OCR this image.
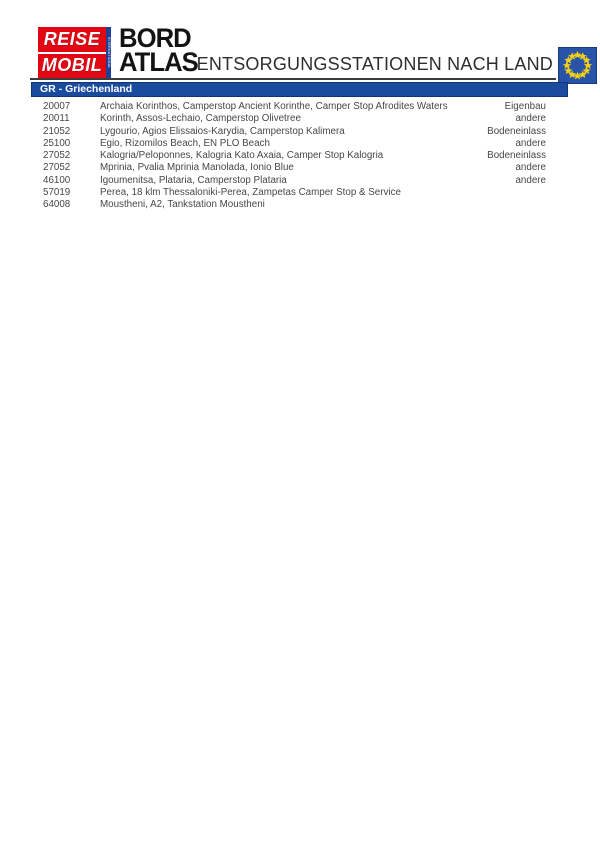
REISE
MOBIL	INTERNATIONAL BORD
ATLAS
ENTSORGUNGSSTATIONEN NACH LAND
GR - Griechenland
20007	Archaia Korinthos, Camperstop Ancient Korinthe, Camper Stop Afrodites Waters	Eigenbau
20011	Korinth, Assos-Lechaio, Camperstop Olivetree	andere
21052	Lygourio, Agios Elissaios-Karydia, Camperstop Kalimera	Bodeneinlass
25100	Egio, Rizomilos Beach, EN PLO Beach	andere
27052	Kalogria/Peloponnes, Kalogria Kato Axaia, Camper Stop Kalogria	Bodeneinlass
27052	Mprinia, Pvalia Mprinia Manolada, Ionio Blue	andere
46100	Igoumenitsa, Plataria, Camperstop Plataria	andere
57019	Perea, 18 klm Thessaloniki-Perea, Zampetas Camper Stop & Service
64008	Moustheni, A2, Tankstation Moustheni
